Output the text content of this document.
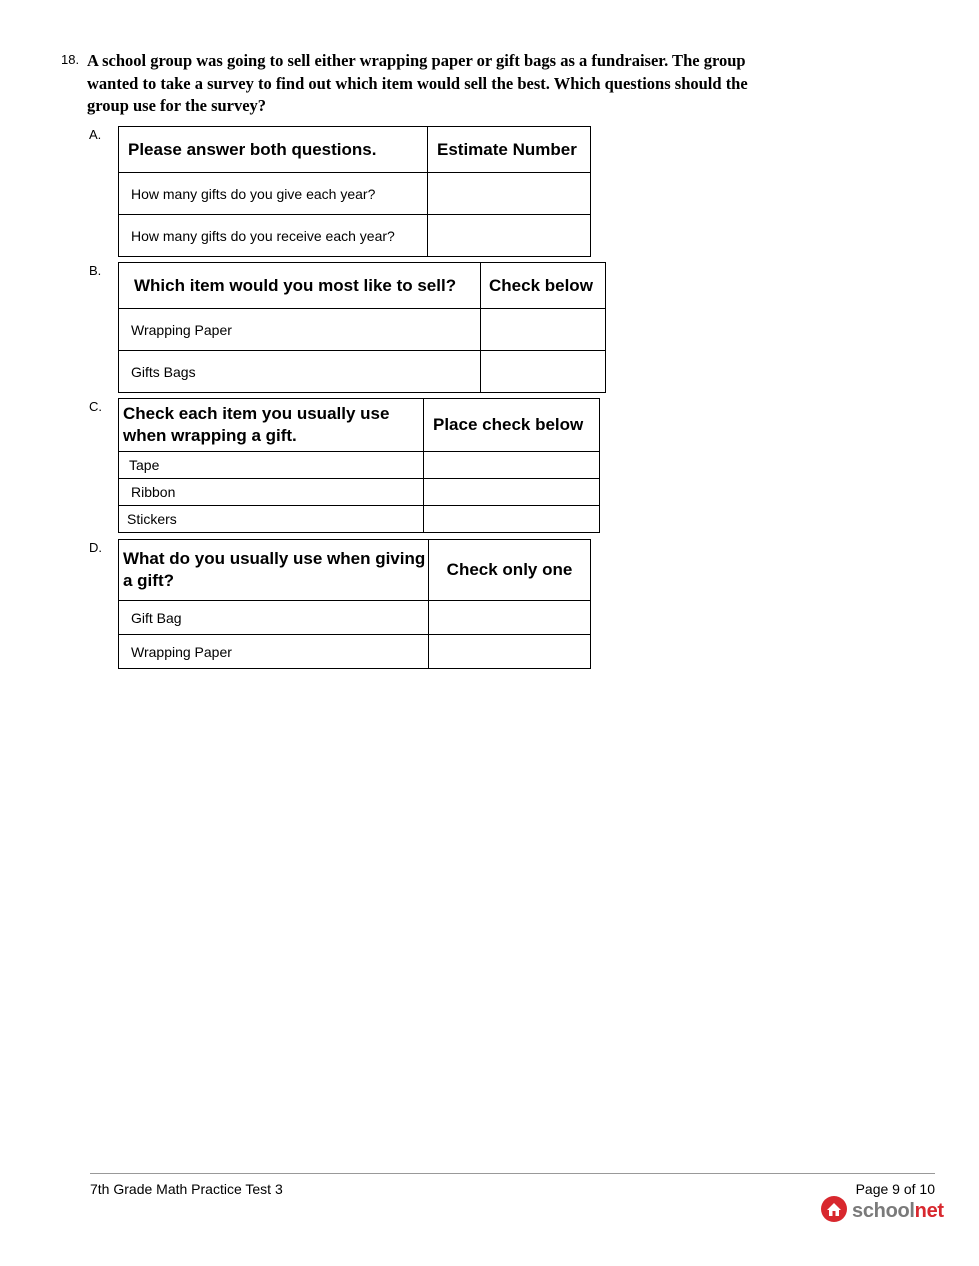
18. A school group was going to sell either wrapping paper or gift bags as a fundraiser. The group wanted to take a survey to find out which item would sell the best. Which questions should the group use for the survey?

A.
Please answer both questions.	Estimate Number
How many gifts do you give each year?	
How many gifts do you receive each year?	
B.
Which item would you most like to sell?	Check below
Wrapping Paper	
Gifts Bags	
C. Check each item you usually use when wrapping a gift.	Place check below
Tape	
Ribbon	
Stickers	
D.
What do you usually use when giving a gift?	Check only one
Gift Bag	
Wrapping Paper	
7th Grade Math Practice Test 3	Page 9 of 10
schoolnet
